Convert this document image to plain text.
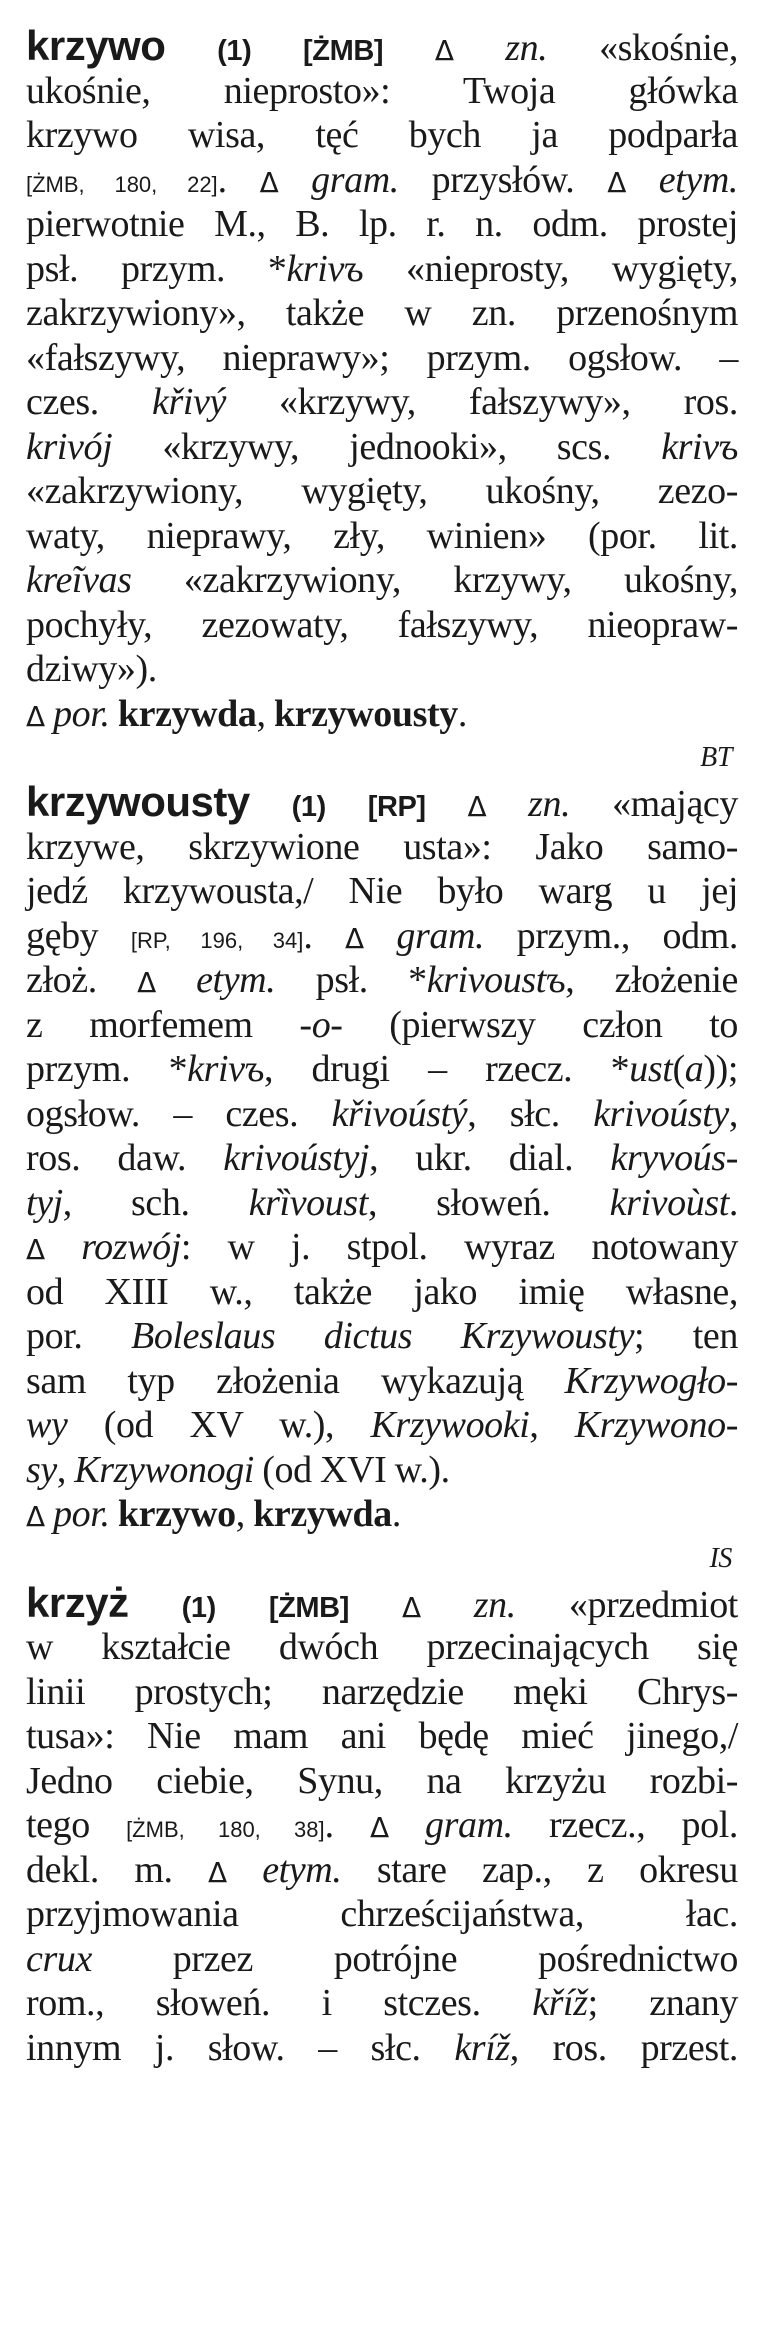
krzywo (1) [ŻMB] Δ zn. «skośnie,
ukośnie, nieprosto»: Twoja główka
krzywo wisa, tęć bych ja podparła
[ŻMB, 180, 22]. Δ gram. przysłów. Δ etym.
pierwotnie M., B. lp. r. n. odm. prostej
psł. przym. *krivъ «nieprosty, wygięty,
zakrzywiony», także w zn. przenośnym
«fałszywy, nieprawy»; przym. ogsłow. –
czes. křivý «krzywy, fałszywy», ros.
krivój «krzywy, jednooki», scs. krivъ
«zakrzywiony, wygięty, ukośny, zezo-
waty, nieprawy, zły, winien» (por. lit.
kreĩvas «zakrzywiony, krzywy, ukośny,
pochyły, zezowaty, fałszywy, nieopraw-
dziwy»).
Δ por. krzywda, krzywousty.
BT
krzywousty (1) [RP] Δ zn. «mający
krzywe, skrzywione usta»: Jako samo-
jedź krzywousta,/ Nie było warg u jej
gęby [RP, 196, 34]. Δ gram. przym., odm.
złoż. Δ etym. psł. *krivoustъ, złożenie
z morfemem -o- (pierwszy człon to
przym. *krivъ, drugi – rzecz. *ust(a));
ogsłow. – czes. křivoústý, słc. krivoústy,
ros. daw. krivoústyj, ukr. dial. kryvoús-
tyj, sch. krȉvoust, słoweń. krivoùst.
Δ rozwój: w j. stpol. wyraz notowany
od XIII w., także jako imię własne,
por. Boleslaus dictus Krzywousty; ten
sam typ złożenia wykazują Krzywogło-
wy (od XV w.), Krzywooki, Krzywono-
sy, Krzywonogi (od XVI w.).
Δ por. krzywo, krzywda.
IS
krzyż (1) [ŻMB] Δ zn. «przedmiot
w kształcie dwóch przecinających się
linii prostych; narzędzie męki Chrys-
tusa»: Nie mam ani będę mieć jinego,/
Jedno ciebie, Synu, na krzyżu rozbi-
tego [ŻMB, 180, 38]. Δ gram. rzecz., pol.
dekl. m. Δ etym. stare zap., z okresu
przyjmowania chrześcijaństwa, łac.
crux przez potrójne pośrednictwo
rom., słoweń. i stczes. kříž; znany
innym j. słow. – słc. kríž, ros. przest.
